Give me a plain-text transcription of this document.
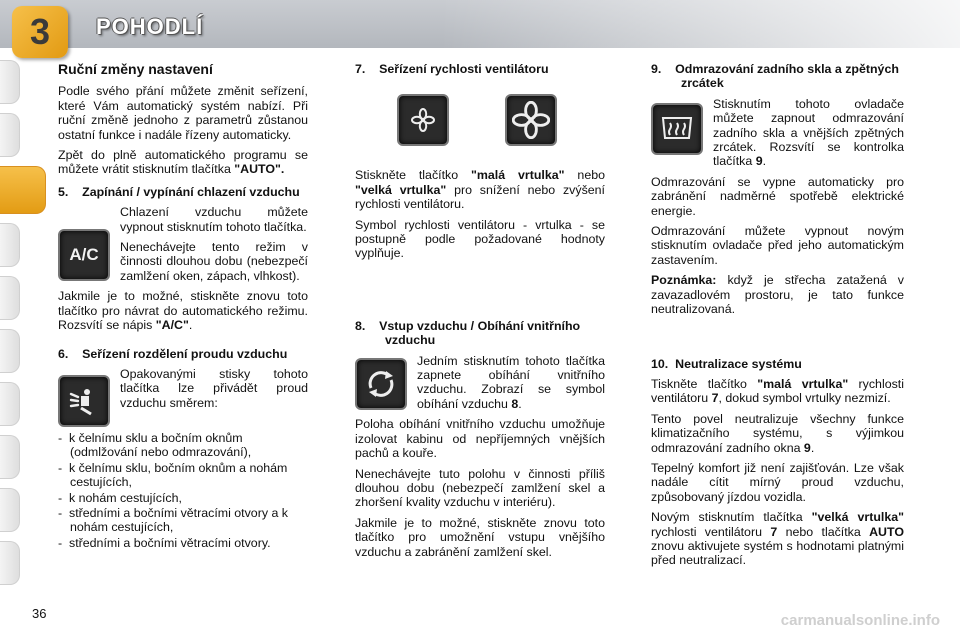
3	POHODLÍ
Ruční změny nastavení

Podle svého přání můžete změnit seřízení, které Vám automatický systém nabízí. Při ruční změně jednoho z parametrů zůstanou ostatní funkce i nadále řízeny automaticky.

Zpět do plně automatického programu se můžete vrátit stisknutím tlačítka "AUTO".

5. Zapínání / vypínání chlazení vzduchu
A/C

Chlazení vzduchu můžete vypnout stisknutím tohoto tlačítka.

Nenechávejte tento režim v činnosti dlouhou dobu (nebezpečí zamlžení oken, zápach, vlhkost).

Jakmile je to možné, stiskněte znovu toto tlačítko pro návrat do automatického režimu. Rozsvítí se nápis "A/C".

6. Seřízení rozdělení proudu vzduchu

Opakovanými stisky tohoto tlačítka lze přivádět proud vzduchu směrem:

-  k čelnímu sklu a bočním oknům (odmlžování nebo odmrazování),
-  k čelnímu sklu, bočním oknům a nohám cestujících,
-  k nohám cestujících,
-  středními a bočními větracími otvory a k nohám cestujících,
-  středními a bočními větracími otvory.
7. Seřízení rychlosti ventilátoru

Stiskněte tlačítko "malá vrtulka" nebo "velká vrtulka" pro snížení nebo zvýšení rychlosti ventilátoru.

Symbol rychlosti ventilátoru - vrtulka - se postupně podle požadované hodnoty vyplňuje.

8. Vstup vzduchu / Obíhání vnitřního vzduchu

Jedním stisknutím tohoto tlačítka zapnete obíhání vnitřního vzduchu. Zobrazí se symbol obíhání vzduchu 8.

Poloha obíhání vnitřního vzduchu umožňuje izolovat kabinu od nepříjemných vnějších pachů a kouře.

Nenechávejte tuto polohu v činnosti příliš dlouhou dobu (nebezpečí zamlžení skel a zhoršení kvality vzduchu v interiéru).

Jakmile je to možné, stiskněte znovu toto tlačítko pro umožnění vstupu vnějšího vzduchu a zabránění zamlžení skel.

9. Odmrazování zadního skla a zpětných zrcátek

Stisknutím tohoto ovladače můžete zapnout odmrazování zadního skla a vnějších zpětných zrcátek. Rozsvítí se kontrolka tlačítka 9.

Odmrazování se vypne automaticky pro zabránění nadměrné spotřebě elektrické energie.

Odmrazování můžete vypnout novým stisknutím ovladače před jeho automatickým zastavením.

Poznámka: když je střecha zatažená v zavazadlovém prostoru, je tato funkce neutralizovaná.

10. Neutralizace systému

Tiskněte tlačítko "malá vrtulka" rychlosti ventilátoru 7, dokud symbol vrtulky nezmizí.

Tento povel neutralizuje všechny funkce klimatizačního systému, s výjimkou odmrazování zadního okna 9.

Tepelný komfort již není zajišťován. Lze však nadále cítit mírný proud vzduchu, způsobovaný jízdou vozidla.

Novým stisknutím tlačítka "velká vrtulka" rychlosti ventilátoru 7 nebo tlačítka AUTO znovu aktivujete systém s hodnotami platnými před neutralizací.

36	carmanualsonline.info
